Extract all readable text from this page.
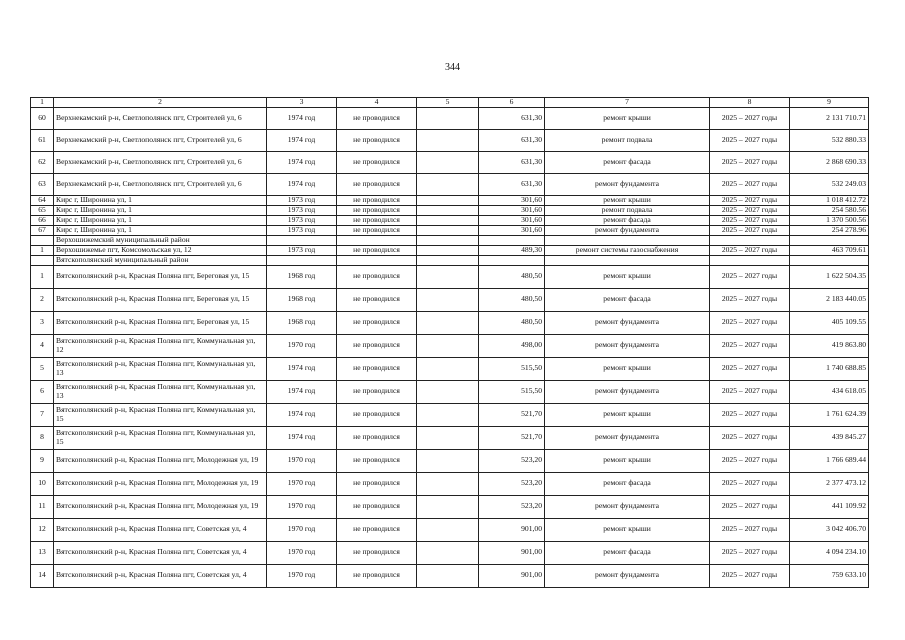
344
1	2	3	4	5	6	7	8	9
60	Верхнекамский р-н, Светлополянск пгт, Строителей ул, 6	1974 год	не проводился		631,30	ремонт крыши	2025 – 2027 годы	2 131 710.71
61	Верхнекамский р-н, Светлополянск пгт, Строителей ул, 6	1974 год	не проводился		631,30	ремонт подвала	2025 – 2027 годы	532 880.33
62	Верхнекамский р-н, Светлополянск пгт, Строителей ул, 6	1974 год	не проводился		631,30	ремонт фасада	2025 – 2027 годы	2 868 690.33
63	Верхнекамский р-н, Светлополянск пгт, Строителей ул, 6	1974 год	не проводился		631,30	ремонт фундамента	2025 – 2027 годы	532 249.03
64	Кирс г, Широнина ул, 1	1973 год	не проводился		301,60	ремонт крыши	2025 – 2027 годы	1 018 412.72
65	Кирс г, Широнина ул, 1	1973 год	не проводился		301,60	ремонт подвала	2025 – 2027 годы	254 580.56
66	Кирс г, Широнина ул, 1	1973 год	не проводился		301,60	ремонт фасада	2025 – 2027 годы	1 370 500.56
67	Кирс г, Широнина ул, 1	1973 год	не проводился		301,60	ремонт фундамента	2025 – 2027 годы	254 278.96
	Верхошижемский муниципальный район							
1	Верхошижемье пгт, Комсомольская ул, 12	1973 год	не проводился		489,30	ремонт системы газоснабжения	2025 – 2027 годы	463 709.61
	Вятскополянский муниципальный район							
1	Вятскополянский р-н, Красная Поляна пгт, Береговая ул, 15	1968 год	не проводился		480,50	ремонт крыши	2025 – 2027 годы	1 622 504.35
2	Вятскополянский р-н, Красная Поляна пгт, Береговая ул, 15	1968 год	не проводился		480,50	ремонт фасада	2025 – 2027 годы	2 183 440.05
3	Вятскополянский р-н, Красная Поляна пгт, Береговая ул, 15	1968 год	не проводился		480,50	ремонт фундамента	2025 – 2027 годы	405 109.55
4	Вятскополянский р-н, Красная Поляна пгт, Коммунальная ул, 12	1970 год	не проводился		498,00	ремонт фундамента	2025 – 2027 годы	419 863.80
5	Вятскополянский р-н, Красная Поляна пгт, Коммунальная ул, 13	1974 год	не проводился		515,50	ремонт крыши	2025 – 2027 годы	1 740 688.85
6	Вятскополянский р-н, Красная Поляна пгт, Коммунальная ул, 13	1974 год	не проводился		515,50	ремонт фундамента	2025 – 2027 годы	434 618.05
7	Вятскополянский р-н, Красная Поляна пгт, Коммунальная ул, 15	1974 год	не проводился		521,70	ремонт крыши	2025 – 2027 годы	1 761 624.39
8	Вятскополянский р-н, Красная Поляна пгт, Коммунальная ул, 15	1974 год	не проводился		521,70	ремонт фундамента	2025 – 2027 годы	439 845.27
9	Вятскополянский р-н, Красная Поляна пгт, Молодежная ул, 19	1970 год	не проводился		523,20	ремонт крыши	2025 – 2027 годы	1 766 689.44
10	Вятскополянский р-н, Красная Поляна пгт, Молодежная ул, 19	1970 год	не проводился		523,20	ремонт фасада	2025 – 2027 годы	2 377 473.12
11	Вятскополянский р-н, Красная Поляна пгт, Молодежная ул, 19	1970 год	не проводился		523,20	ремонт фундамента	2025 – 2027 годы	441 109.92
12	Вятскополянский р-н, Красная Поляна пгт, Советская ул, 4	1970 год	не проводился		901,00	ремонт крыши	2025 – 2027 годы	3 042 406.70
13	Вятскополянский р-н, Красная Поляна пгт, Советская ул, 4	1970 год	не проводился		901,00	ремонт фасада	2025 – 2027 годы	4 094 234.10
14	Вятскополянский р-н, Красная Поляна пгт, Советская ул, 4	1970 год	не проводился		901,00	ремонт фундамента	2025 – 2027 годы	759 633.10
